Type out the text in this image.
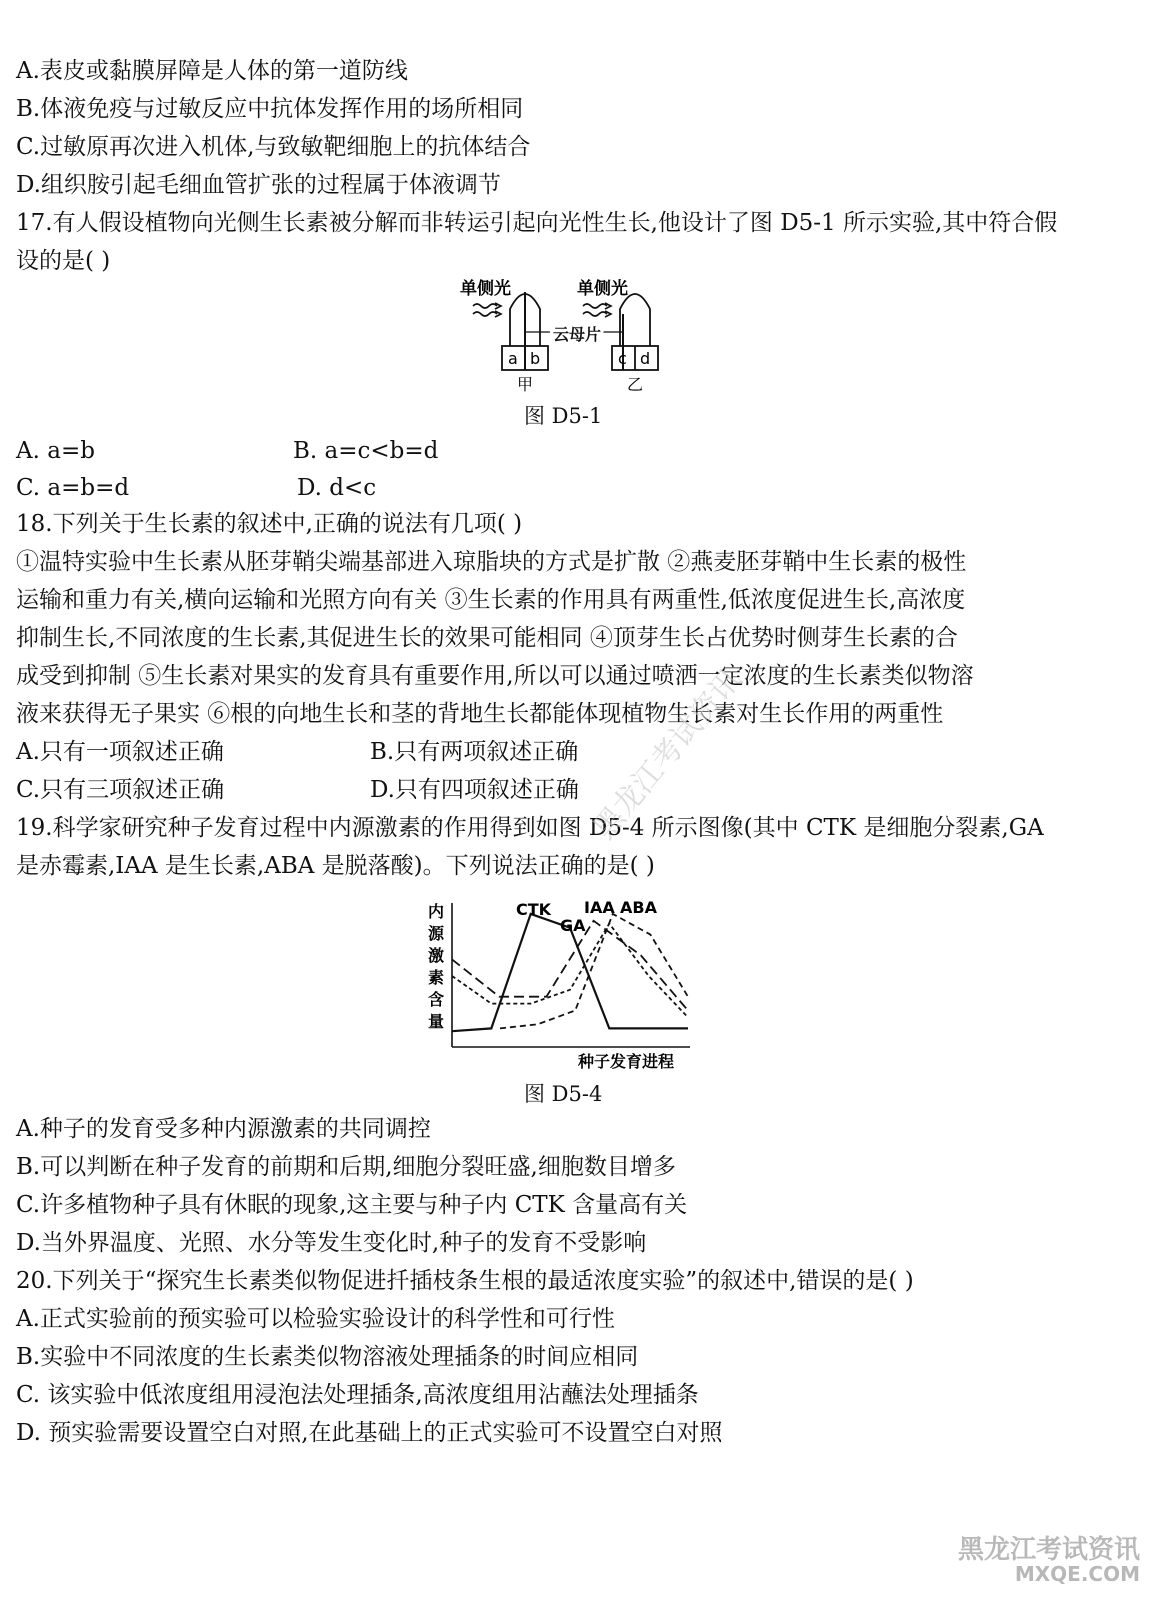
A.表皮或黏膜屏障是人体的第一道防线
B.体液免疫与过敏反应中抗体发挥作用的场所相同
C.过敏原再次进入机体,与致敏靶细胞上的抗体结合
D.组织胺引起毛细血管扩张的过程属于体液调节
17.有人假设植物向光侧生长素被分解而非转运引起向光性生长,他设计了图 D5-1 所示实验,其中符合假
设的是( )
单侧光	单侧光
a b
甲
云母片
c d
乙
图 D5-1
A. a=b	B. a=c<b=d
C. a=b=d	D. d<c
18.下列关于生长素的叙述中,正确的说法有几项( )
①温特实验中生长素从胚芽鞘尖端基部进入琼脂块的方式是扩散 ②燕麦胚芽鞘中生长素的极性
运输和重力有关,横向运输和光照方向有关 ③生长素的作用具有两重性,低浓度促进生长,高浓度
抑制生长,不同浓度的生长素,其促进生长的效果可能相同 ④顶芽生长占优势时侧芽生长素的合
成受到抑制 ⑤生长素对果实的发育具有重要作用,所以可以通过喷洒一定浓度的生长素类似物溶
液来获得无子果实 ⑥根的向地生长和茎的背地生长都能体现植物生长素对生长作用的两重性
A.只有一项叙述正确	B.只有两项叙述正确
C.只有三项叙述正确	D.只有四项叙述正确
19.科学家研究种子发育过程中内源激素的作用得到如图 D5-4 所示图像(其中 CTK 是细胞分裂素,GA
是赤霉素,IAA 是生长素,ABA 是脱落酸)。下列说法正确的是( )
内源激素含量
种子发育进程
CTK
GA
IAA ABA
图 D5-4
A.种子的发育受多种内源激素的共同调控
B.可以判断在种子发育的前期和后期,细胞分裂旺盛,细胞数目增多
C.许多植物种子具有休眠的现象,这主要与种子内 CTK 含量高有关
D.当外界温度、光照、水分等发生变化时,种子的发育不受影响
20.下列关于“探究生长素类似物促进扦插枝条生根的最适浓度实验”的叙述中,错误的是( )
A.正式实验前的预实验可以检验实验设计的科学性和可行性
B.实验中不同浓度的生长素类似物溶液处理插条的时间应相同
C. 该实验中低浓度组用浸泡法处理插条,高浓度组用沾蘸法处理插条
D. 预实验需要设置空白对照,在此基础上的正式实验可不设置空白对照
黑龙江考试资讯
黑龙江考试资讯
MXQE.COM
